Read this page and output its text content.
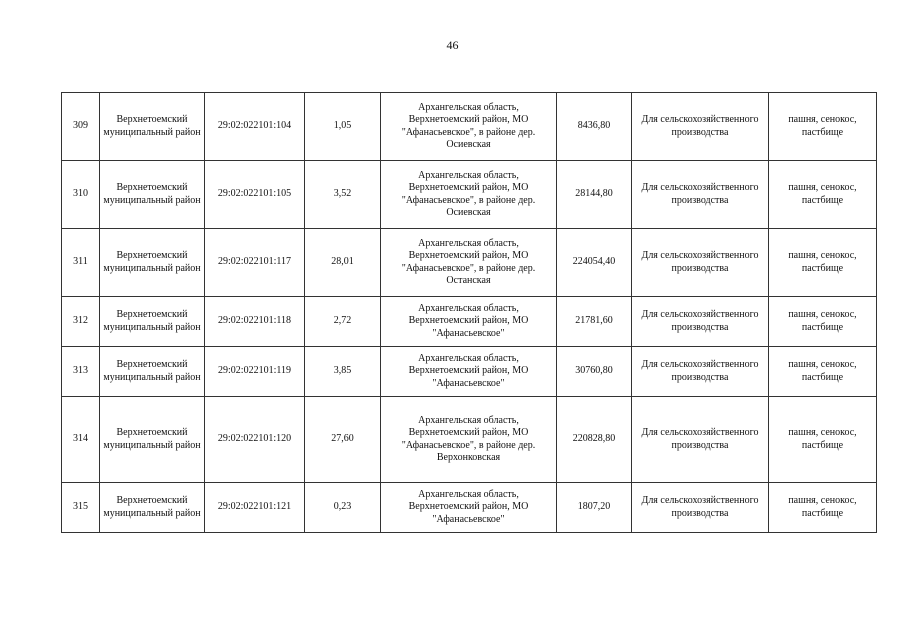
46
309	Верхнетоемский муниципальный район	29:02:022101:104	1,05	Архангельская область, Верхнетоемский район, МО "Афанасьевское", в районе дер. Осиевская	8436,80	Для сельскохозяйственного производства	пашня, сенокос, пастбище
310	Верхнетоемский муниципальный район	29:02:022101:105	3,52	Архангельская область, Верхнетоемский район, МО "Афанасьевское", в районе дер. Осиевская	28144,80	Для сельскохозяйственного производства	пашня, сенокос, пастбище
311	Верхнетоемский муниципальный район	29:02:022101:117	28,01	Архангельская область, Верхнетоемский район, МО "Афанасьевское", в районе дер. Останская	224054,40	Для сельскохозяйственного производства	пашня, сенокос, пастбище
312	Верхнетоемский муниципальный район	29:02:022101:118	2,72	Архангельская область, Верхнетоемский район, МО "Афанасьевское"	21781,60	Для сельскохозяйственного производства	пашня, сенокос, пастбище
313	Верхнетоемский муниципальный район	29:02:022101:119	3,85	Архангельская область, Верхнетоемский район, МО "Афанасьевское"	30760,80	Для сельскохозяйственного производства	пашня, сенокос, пастбище
314	Верхнетоемский муниципальный район	29:02:022101:120	27,60	Архангельская область, Верхнетоемский район, МО "Афанасьевское", в районе дер. Верхонковская	220828,80	Для сельскохозяйственного производства	пашня, сенокос, пастбище
315	Верхнетоемский муниципальный район	29:02:022101:121	0,23	Архангельская область, Верхнетоемский район, МО "Афанасьевское"	1807,20	Для сельскохозяйственного производства	пашня, сенокос, пастбище
